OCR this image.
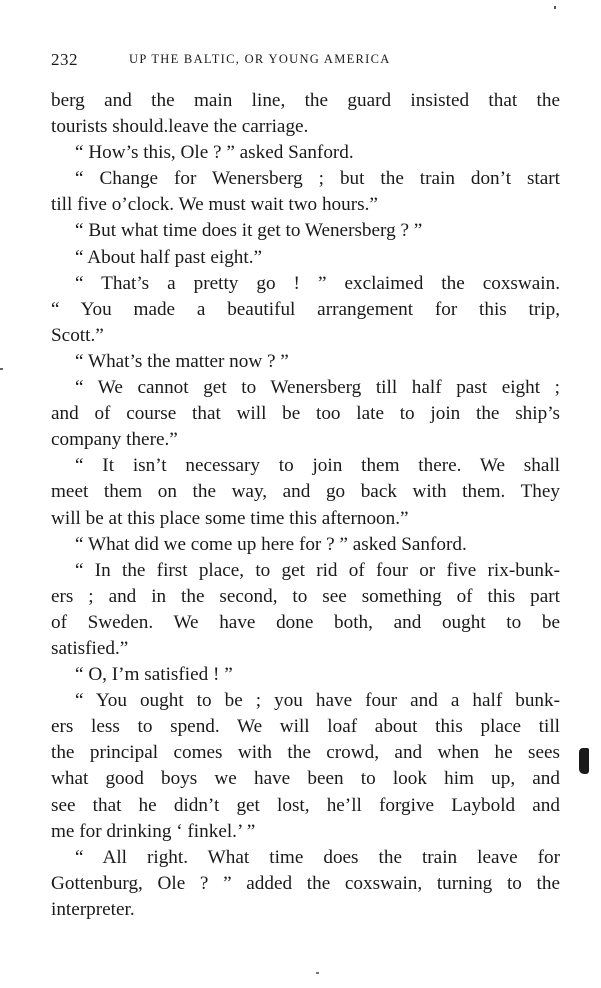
232	UP THE BALTIC, OR YOUNG AMERICA
berg and the main line, the guard insisted that the
tourists should.leave the carriage.
“ How’s this, Ole ? ” asked Sanford.
“ Change for Wenersberg ; but the train don’t start
till five o’clock. We must wait two hours.”
“ But what time does it get to Wenersberg ? ”
“ About half past eight.”
“ That’s a pretty go ! ” exclaimed the coxswain.
“ You made a beautiful arrangement for this trip,
Scott.”
“ What’s the matter now ? ”
“ We cannot get to Wenersberg till half past eight ;
and of course that will be too late to join the ship’s
company there.”
“ It isn’t necessary to join them there. We shall
meet them on the way, and go back with them. They
will be at this place some time this afternoon.”
“ What did we come up here for ? ” asked Sanford.
“ In the first place, to get rid of four or five rix-bunk-
ers ; and in the second, to see something of this part
of Sweden. We have done both, and ought to be
satisfied.”
“ O, I’m satisfied ! ”
“ You ought to be ; you have four and a half bunk-
ers less to spend. We will loaf about this place till
the principal comes with the crowd, and when he sees
what good boys we have been to look him up, and
see that he didn’t get lost, he’ll forgive Laybold and
me for drinking ‘ finkel.’ ”
“ All right. What time does the train leave for
Gottenburg, Ole ? ” added the coxswain, turning to the
interpreter.
